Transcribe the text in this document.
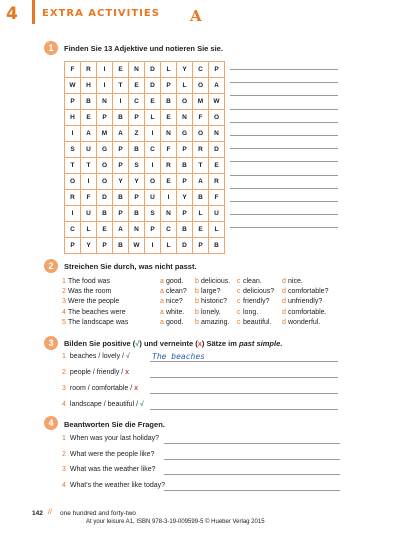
4 EXTRA ACTIVITIES A
1	Finden Sie 13 Adjektive und notieren Sie sie.
F	R	I	E	N	D	L	Y	C	P
W	H	I	T	E	D	P	L	O	A
P	B	N	I	C	E	B	O	M	W
H	E	P	B	P	L	E	N	F	O
I	A	M	A	Z	I	N	G	O	N
S	U	G	P	B	C	F	P	R	D
T	T	O	P	S	I	R	B	T	E
O	I	O	Y	Y	O	E	P	A	R
R	F	D	B	P	U	I	Y	B	F
I	U	B	P	B	S	N	P	L	U
C	L	E	A	N	P	C	B	E	L
P	Y	P	B	W	I	L	D	P	B
2	Streichen Sie durch, was nicht passt.
1 The food was	a good. b delicious. c clean.	d nice.
2 Was the room	a clean? b large? c delicious? d comfortable?
3 Were the people	a nice? b historic? c friendly? d unfriendly?
4 The beaches were	a white. b lonely. c long.	d comfortable.
5 The landscape was	a good. b amazing. c beautiful. d wonderful.
3	Bilden Sie positive (√) und verneinte (x) Sätze im past simple.
1 beaches / lovely / √
2 people / friendly / x
3 room / comfortable / x
4 landscape / beautiful / √
The beaches
4	Beantworten Sie die Fragen.
1 When was your last holiday?
2 What were the people like?
3 What was the weather like?
4 What's the weather like today?
142 // one hundred and forty-two
At your leisure A1, ISBN 978-3-19-009599-5 © Hueber Verlag 2015
